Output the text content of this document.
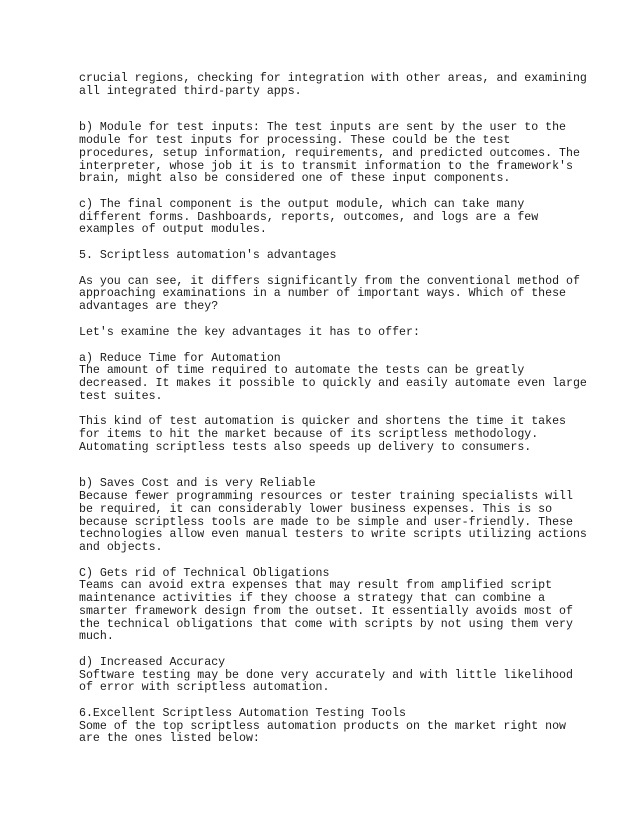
crucial regions, checking for integration with other areas, and examining
all integrated third-party apps.

b) Module for test inputs: The test inputs are sent by the user to the
module for test inputs for processing. These could be the test
procedures, setup information, requirements, and predicted outcomes. The
interpreter, whose job it is to transmit information to the framework's
brain, might also be considered one of these input components.

c) The final component is the output module, which can take many
different forms. Dashboards, reports, outcomes, and logs are a few
examples of output modules.

5. Scriptless automation's advantages

As you can see, it differs significantly from the conventional method of
approaching examinations in a number of important ways. Which of these
advantages are they?

Let's examine the key advantages it has to offer:

a) Reduce Time for Automation
The amount of time required to automate the tests can be greatly
decreased. It makes it possible to quickly and easily automate even large
test suites.

This kind of test automation is quicker and shortens the time it takes
for items to hit the market because of its scriptless methodology.
Automating scriptless tests also speeds up delivery to consumers.

b) Saves Cost and is very Reliable
Because fewer programming resources or tester training specialists will
be required, it can considerably lower business expenses. This is so
because scriptless tools are made to be simple and user-friendly. These
technologies allow even manual testers to write scripts utilizing actions
and objects.

C) Gets rid of Technical Obligations
Teams can avoid extra expenses that may result from amplified script
maintenance activities if they choose a strategy that can combine a
smarter framework design from the outset. It essentially avoids most of
the technical obligations that come with scripts by not using them very
much.

d) Increased Accuracy
Software testing may be done very accurately and with little likelihood
of error with scriptless automation.

6.Excellent Scriptless Automation Testing Tools
Some of the top scriptless automation products on the market right now
are the ones listed below:
